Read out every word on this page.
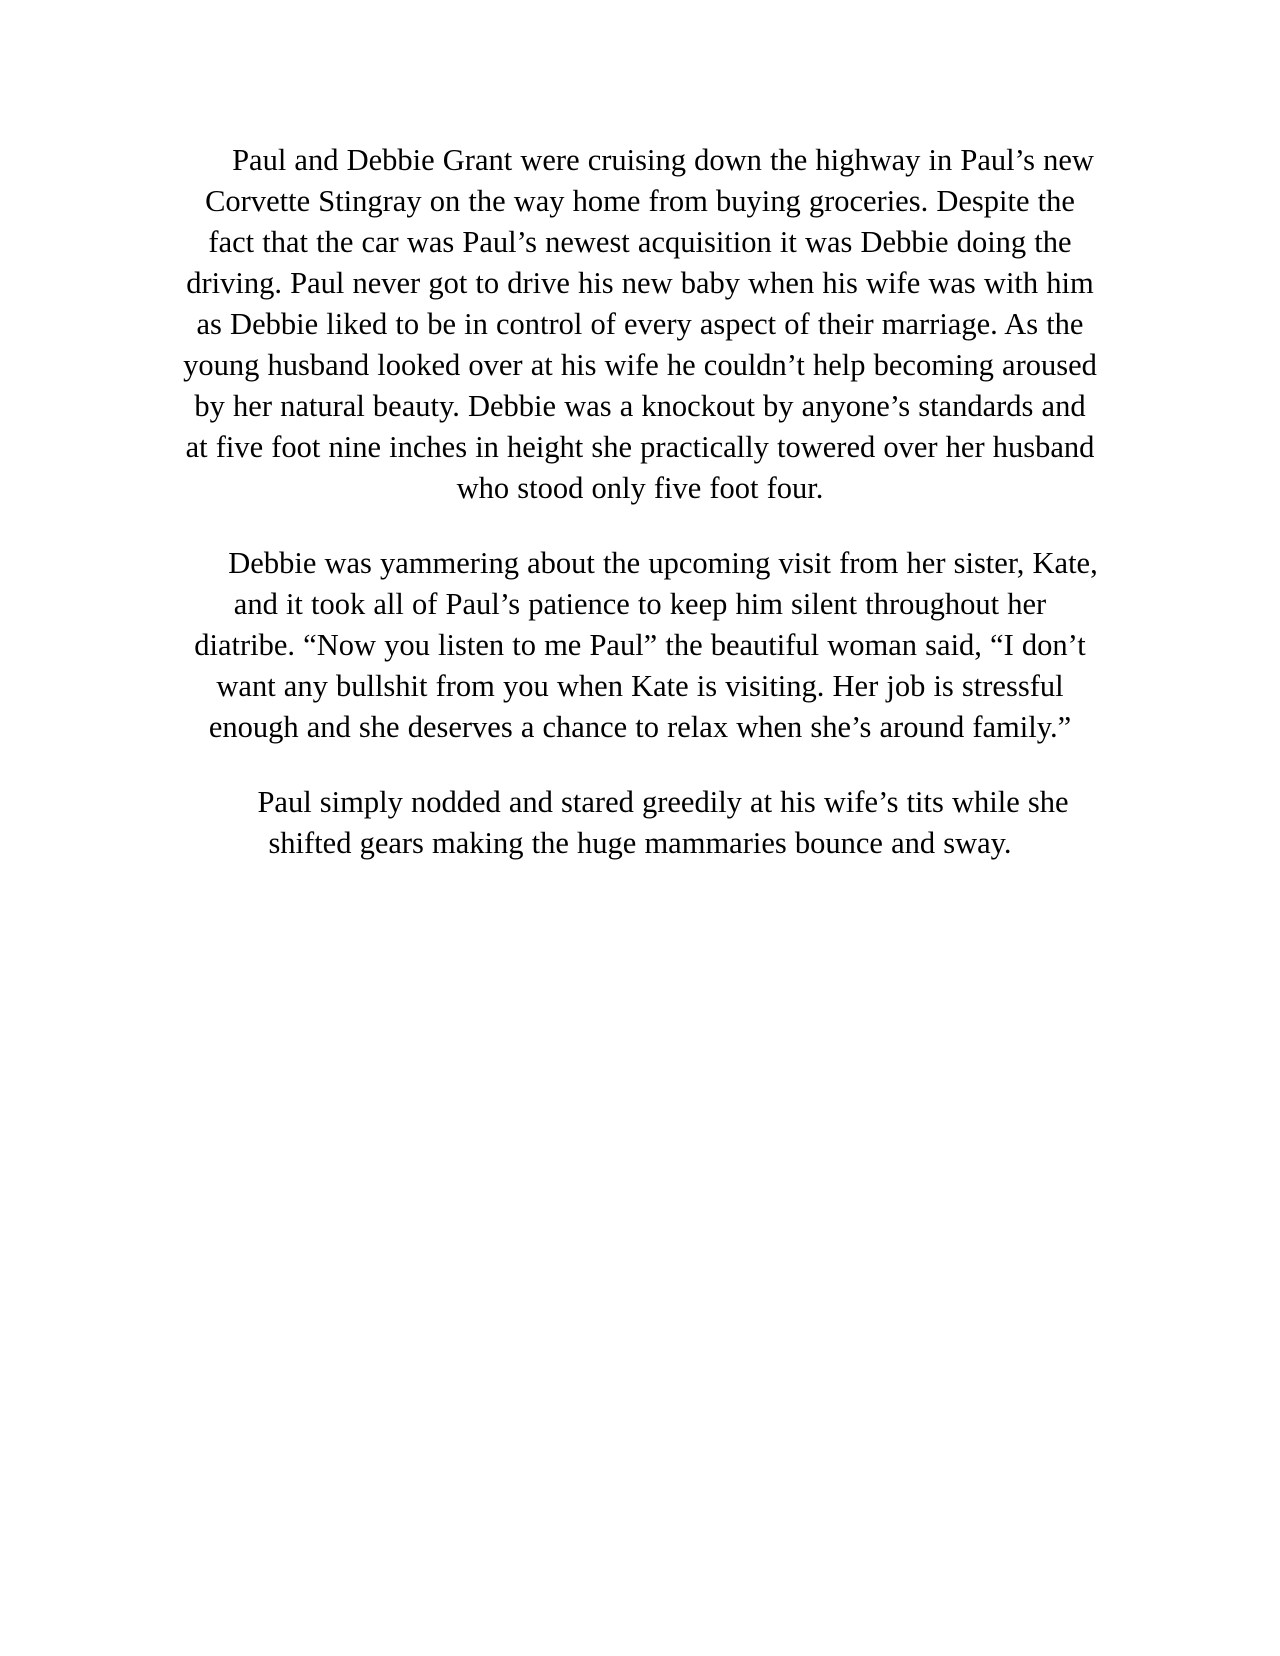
Paul and Debbie Grant were cruising down the highway in Paul’s new Corvette Stingray on the way home from buying groceries. Despite the fact that the car was Paul’s newest acquisition it was Debbie doing the driving. Paul never got to drive his new baby when his wife was with him as Debbie liked to be in control of every aspect of their marriage. As the young husband looked over at his wife he couldn’t help becoming aroused by her natural beauty. Debbie was a knockout by anyone’s standards and at five foot nine inches in height she practically towered over her husband who stood only five foot four.

Debbie was yammering about the upcoming visit from her sister, Kate, and it took all of Paul’s patience to keep him silent throughout her diatribe. “Now you listen to me Paul” the beautiful woman said, “I don’t want any bullshit from you when Kate is visiting. Her job is stressful enough and she deserves a chance to relax when she’s around family.”

Paul simply nodded and stared greedily at his wife’s tits while she shifted gears making the huge mammaries bounce and sway.
